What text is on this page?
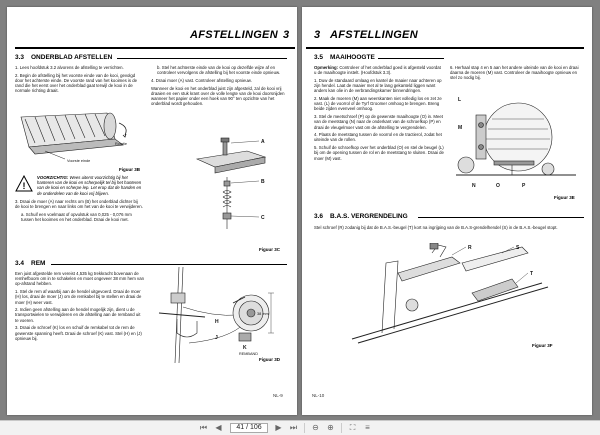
AFSTELLINGEN 3
3.3 ONDERBLAD AFSTELLEN

1. Lees hoofdstuk 3.2 alvorens de afstelling te verrichten.

2. Begin de afstelling bij het voorste einde van de kooi, gevolgd door het achterste einde. De voorste rand van het kooimes is de rand die het eerst over het onderblad gaat terwijl de kooi in de normale richting draait.

Rotatie
Voorste einde
Figuur 3B
!
VOORZICHTIG: Wees uiterst voorzichtig bij het hanteren van de kooi en scherpelijk tel bij het hanteren van de kooi en scherpe lep. Let erop dat de handen en de onderdelen van de kooi vrij blijven.

3. Draai de moer (A) naar rechts om (B) het onderblad dichter bij de kooi te brengen en naar links om het van de kooi te verwijderen.

a. Schuif een voelmaat of opvulstuk van 0,025 - 0,076 mm tussen het kooimes en het onderblad. Draai de kooi met.

b. Stel het achterste einde van de kooi op dezelfde wijze af en controleer vervolgens de afstelling bij het voorste einde opnieuw.

4. Draai moer (A) vast. Controleer afstelling opnieuw.

Wanneer de kooi en het onderblad juist zijn afgesteld, zal de kooi vrij draaien en een stuk krant over de volle lengte van de kooi doorsnijden wanneer het papier onder een hoek van 90° ten opzichte van het onderblad wordt gehouden.

A
B
C
Figuur 3C
3.4 REM

Een juist afgestelde rem vereist 4,535 kg trekkracht bovenaan de remhefboom om in te schakelen en moet ongeveer 38 mm hem van op-afstand hebben.

1. Stel de rem af waarbij aan de hendel uitgevoerd. Draai de moer (H) los, draai de moer (J) om de remkabel bij te stellen en draai de moer (H) weer vast.

2. Indien geen afstelling aan de hendel mogelijk zijn, dient u de transportwielen te verwijderen en de afstelling aan de remband uit te voeren.

3. Draai de schroef (K) los en schuif de remkabel tot de rem de gewenste spanning heeft. Draai de schroef (K) vast. Stel (H) en (J) opnieuw bij.

H
J
K
38 mm
REMBAND
Figuur 3D
NL-9
3 AFSTELLINGEN
3.5 MAAIHOOGTE

Opmerking: Controleer of het onderblad goed is afgesteld voordat u de maaihoogte instelt. (Hoofdstuk 3.3).

1. Duw de standaard omlaag en kantel de maaier naar achteren op zijn hendel. Laat de maaier met al te lang gekanteld liggen want anders kan olie in de verbrandingskamer binnendringen.

2. Maak de moeren (M) aan weerskanten niet volledig los en zet ze vast. (L) de voorrol of de Tyrf Groomer omhoog te brengen. Breng beide zijden evenveel omhoog.

3. Stel de meetschroef (P) op de gewenste maaihoogte (O) in. Meet van de meetstang (N) naar de onderkant van de schroefkop (P) en draai de vleugelmoer vast om de afstelling te vergrendelen.

4. Plaats de meetstang tussen de voorrol en de tractierol, zodat het uiteinde van de rollen.

5. Schuif de schroefkop over het onderblad (O) en stel de beugel (L) bij om de opening tussen de rol en de meetstang te sluiten. Draai de moer (M) vast.

6. Herhaal stap 4 en 5 aan het andere uiteinde van de kooi en draai daarna de moeren (M) vast. Controleer de maaihoogte opnieuw en stel zo nodig bij.

L
M
N	O	P
Figuur 3E
3.6 B.A.S. VERGRENDELING

Stel schroef (R) zodanig bij dat de B.A.S.-beugel (T) kort na ingrijping van de B.A.S-grendelhendel (S) in de B.A.S.-beugel stopt.

R	S
T
Figuur 3F
NL-10
⏮	◀	41 / 106	▶	⏭ ⊖ ⊕	⛶	≡
